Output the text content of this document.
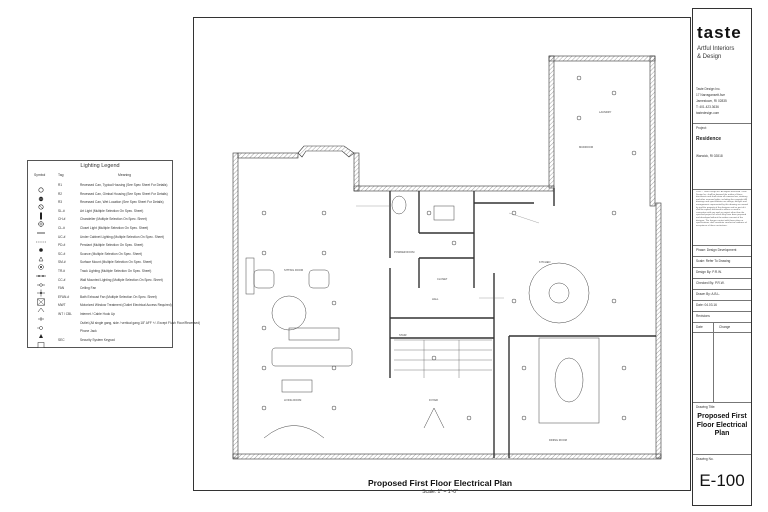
Lighting Legend
Symbol	Tag	Meaning
R1	Recessed Can, Typical Housing (See Spec Sheet For Details)
R2	Recessed Can, Gimbal Housing (See Spec Sheet For Details)
R3	Recessed Can, Wet Location (See Spec Sheet For Details)
SL-#	Art Light (Multiple Selection On Spec. Sheet)
CH-#	Chandelier (Multiple Selection On Spec. Sheet)
CL-#	Closet Light (Multiple Selection On Spec. Sheet)
UC-#	Under Cabinet Lighting (Multiple Selection On Spec. Sheet)
PD-#	Pendant (Multiple Selection On Spec. Sheet)
SC-#	Sconce (Multiple Selection On Spec. Sheet)
SM-#	Surface Mount (Multiple Selection On Spec. Sheet)
TR-#	Track Lighting (Multiple Selection On Spec. Sheet)
CC-#	Wall Mounted Lighting (Multiple Selection On Spec. Sheet)
FAN	Ceiling Fan
EFAN-#	Bath Exhaust Fan (Multiple Selection On Spec. Sheet)
MWT	Motorized Window Treatment (Outlet Electrical Access Required)
INT / CBL	Internet / Cable Hook Up
Outlet (All single gang, side / vertical gang 18" AFF +/- Except Flush Floor/Recessed)
Phone Jack
SEC	Security System Keypad
LAUNDRY
MUDROOM
POWDER ROOM
CLOSET
SITTING ROOM
HALL
STAIR
KITCHEN
FOYER
DINING ROOM
LIVING ROOM
Proposed First Floor Electrical Plan
Scale: 1" = 1'-0"
taste
Artful Interiors
& Design
Taste Design Inc.
17 Narragansett Ave
Jamestown, RI 02835
T: 401.423.3636
tastedesign.com
Project:
Residence
Warwick, RI 02818
2016 © Taste Design Inc. All Rights Reserved. Taste Design Inc. shall be deemed the author of these documents and shall retain all common law, statutory, and other reserved rights, including the copyright. All drawings and specifications are design, designs and arrangements represented by this drawing are owned by and the property of the designer and no part of it shall be copied, disclosed to others or used in connection with any work or project other than the specified project for which they have been prepared and developed without the written consent of the designer. The lineups contact with these plans or specifications shall constitute conclusive evidence of acceptance of these restrictions.
Phase: Design Development
Scale: Refer To Drawing
Design By: P.R.W.
Checked By: P.R.W.
Drawn By: A.B.L.
Date: 04.03.16
Revisions
Date	Change
Drawing Title:
Proposed First Floor Electrical Plan
Drawing No.
E-100
